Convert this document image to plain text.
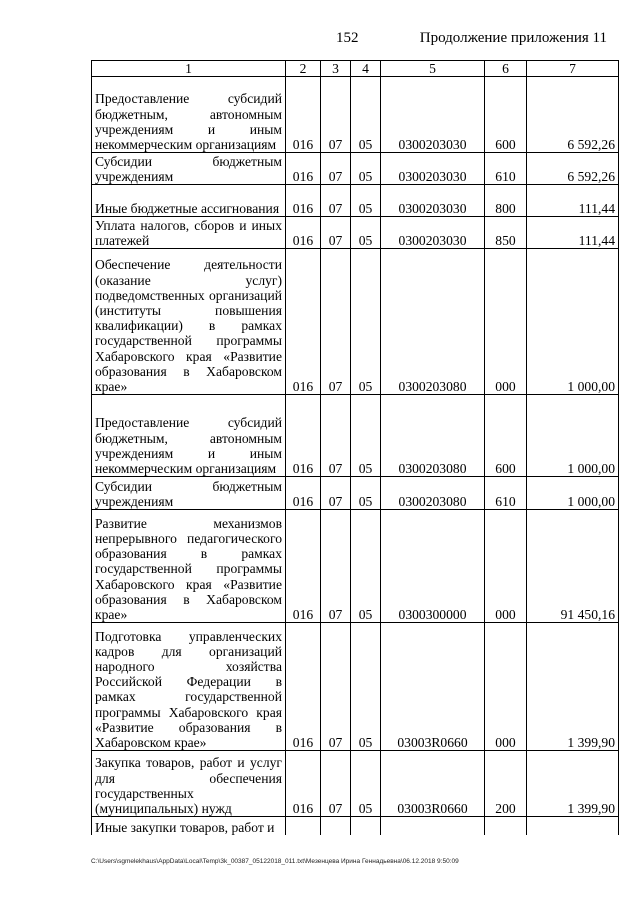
152	Продолжение приложения 11
1	2	3	4	5	6	7
Предоставление субсидий бюджетным, автономным учреждениям и иным некоммерческим организациям	016	07	05	0300203030	600	6 592,26
Субсидии бюджетным учреждениям	016	07	05	0300203030	610	6 592,26
Иные бюджетные ассигнования	016	07	05	0300203030	800	111,44
Уплата налогов, сборов и иных платежей	016	07	05	0300203030	850	111,44
Обеспечение деятельности (оказание услуг) подведомственных организаций (институты повышения квалификации) в рамках государственной программы Хабаровского края «Развитие образования в Хабаровском крае»	016	07	05	0300203080	000	1 000,00
Предоставление субсидий бюджетным, автономным учреждениям и иным некоммерческим организациям	016	07	05	0300203080	600	1 000,00
Субсидии бюджетным учреждениям	016	07	05	0300203080	610	1 000,00
Развитие механизмов непрерывного педагогического образования в рамках государственной программы Хабаровского края «Развитие образования в Хабаровском крае»	016	07	05	0300300000	000	91 450,16
Подготовка управленческих кадров для организаций народного хозяйства Российской Федерации в рамках государственной программы Хабаровского края «Развитие образования в Хабаровском крае»	016	07	05	03003R0660	000	1 399,90
Закупка товаров, работ и услуг для обеспечения государственных (муниципальных) нужд	016	07	05	03003R0660	200	1 399,90
Иные закупки товаров, работ и						
C:\Users\sgmelekhaus\AppData\Local\Temp\3k_00387_05122018_011.txt\Мезенцева Ирина Геннадьевна\06.12.2018 9:50:09
